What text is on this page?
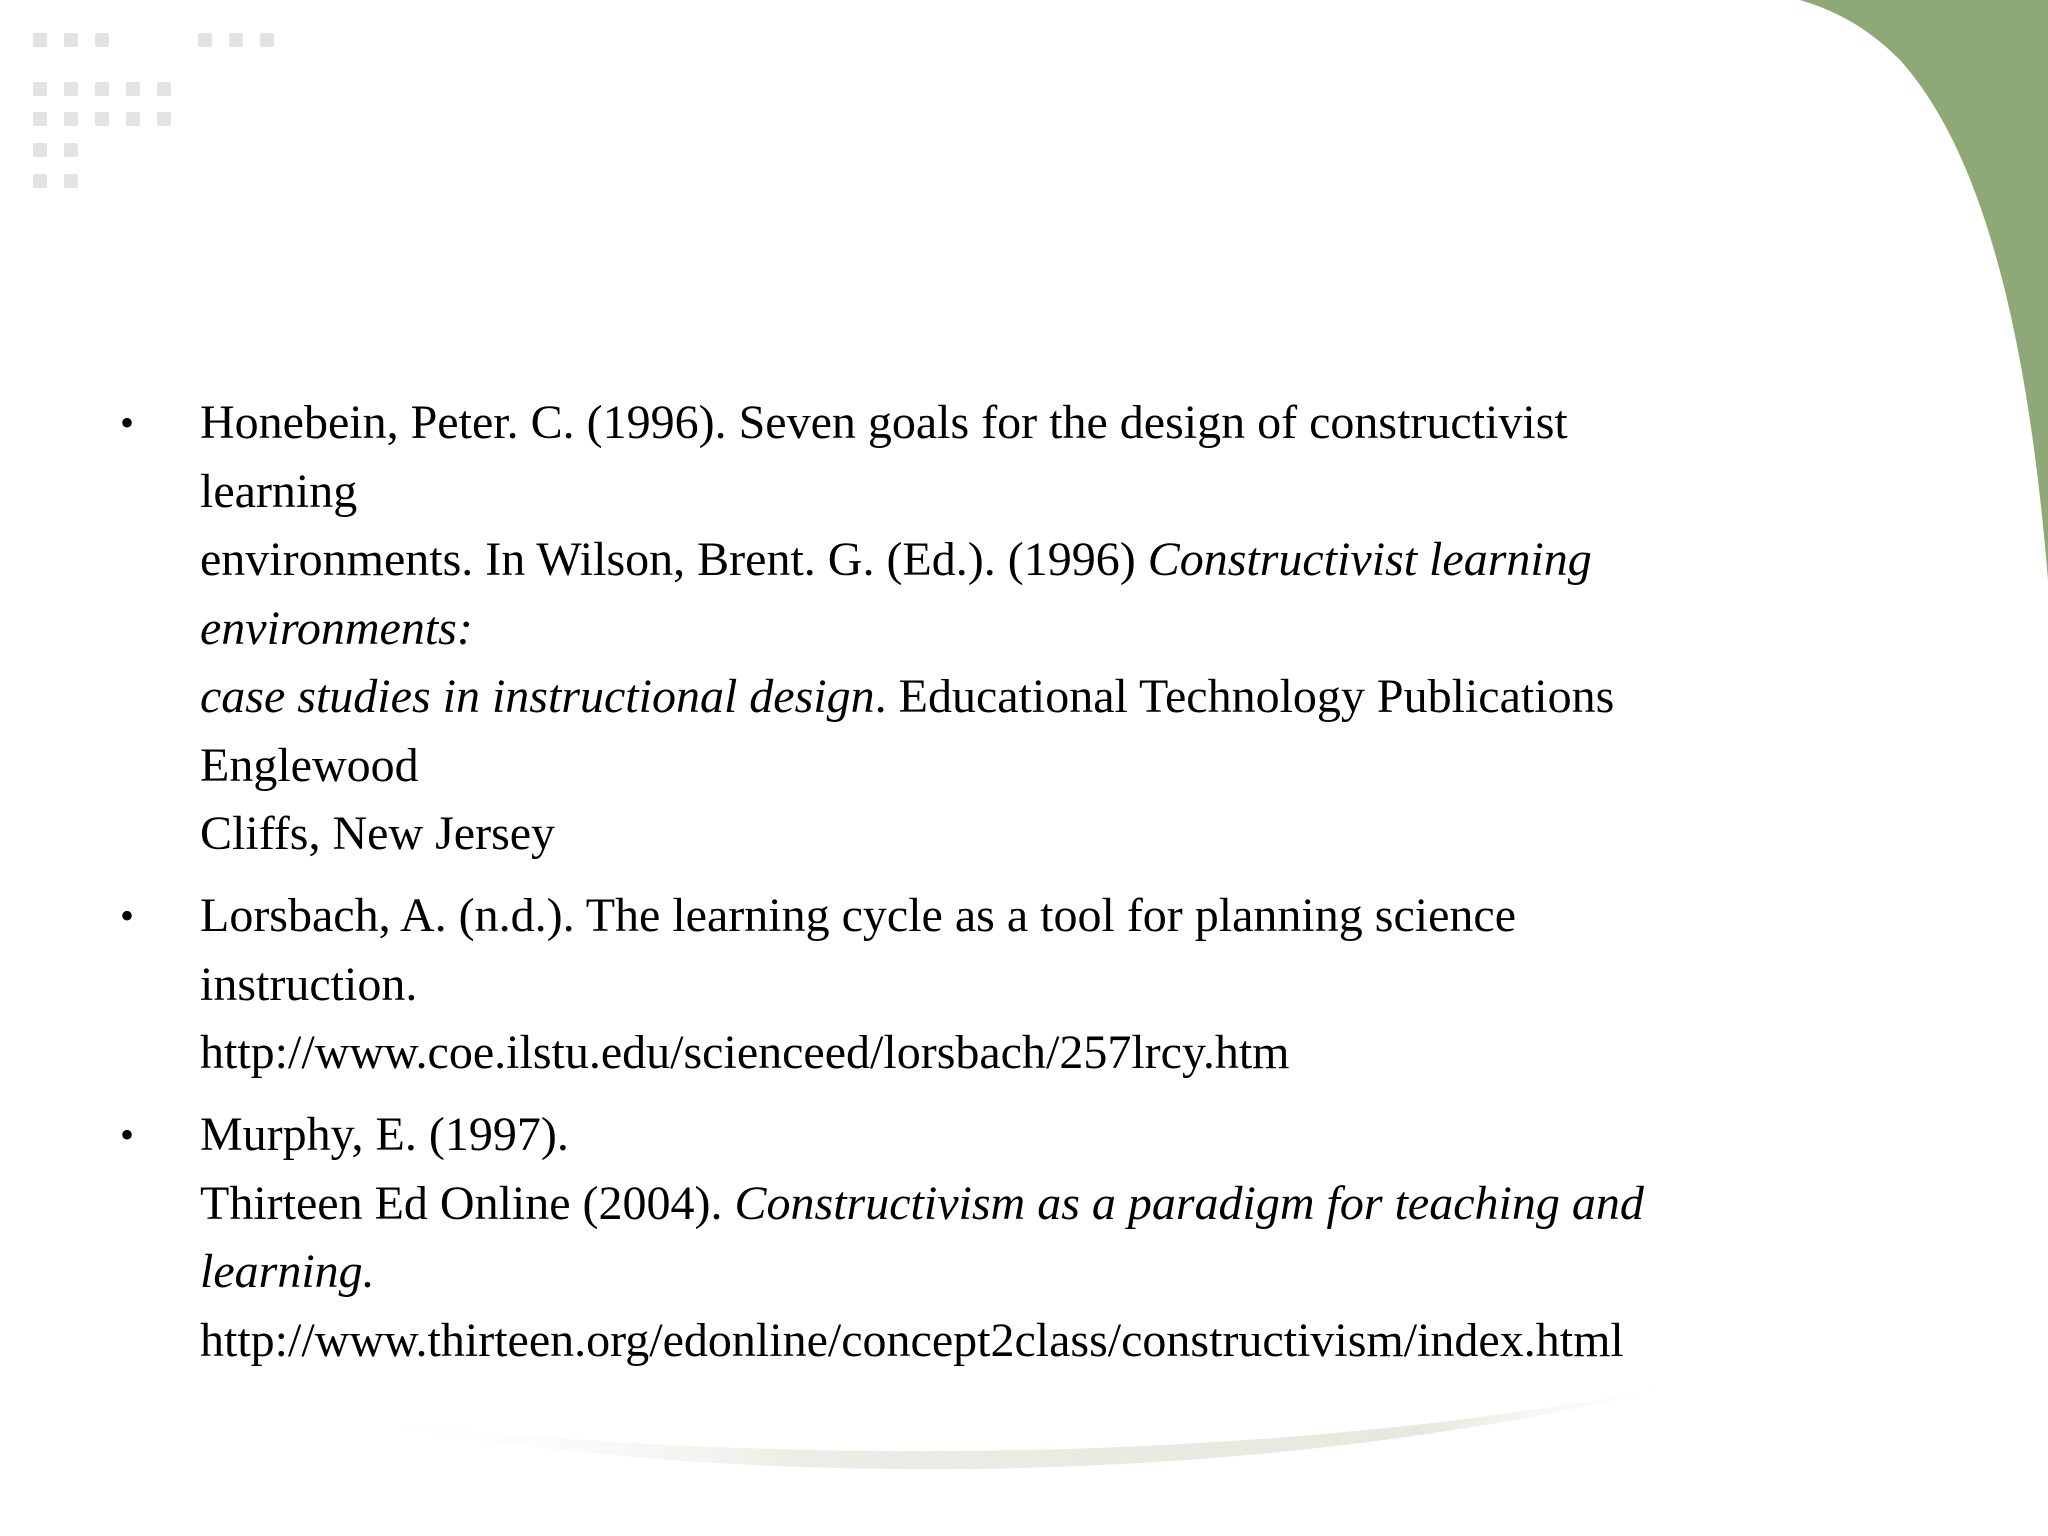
• Honebein, Peter. C. (1996). Seven goals for the design of constructivist
learning
environments. In Wilson, Brent. G. (Ed.). (1996) Constructivist learning
environments:
case studies in instructional design. Educational Technology Publications
Englewood
Cliffs, New Jersey
• Lorsbach, A. (n.d.). The learning cycle as a tool for planning science
instruction.
http://www.coe.ilstu.edu/scienceed/lorsbach/257lrcy.htm
• Murphy, E. (1997).
Thirteen Ed Online (2004). Constructivism as a paradigm for teaching and
learning.
http://www.thirteen.org/edonline/concept2class/constructivism/index.html
